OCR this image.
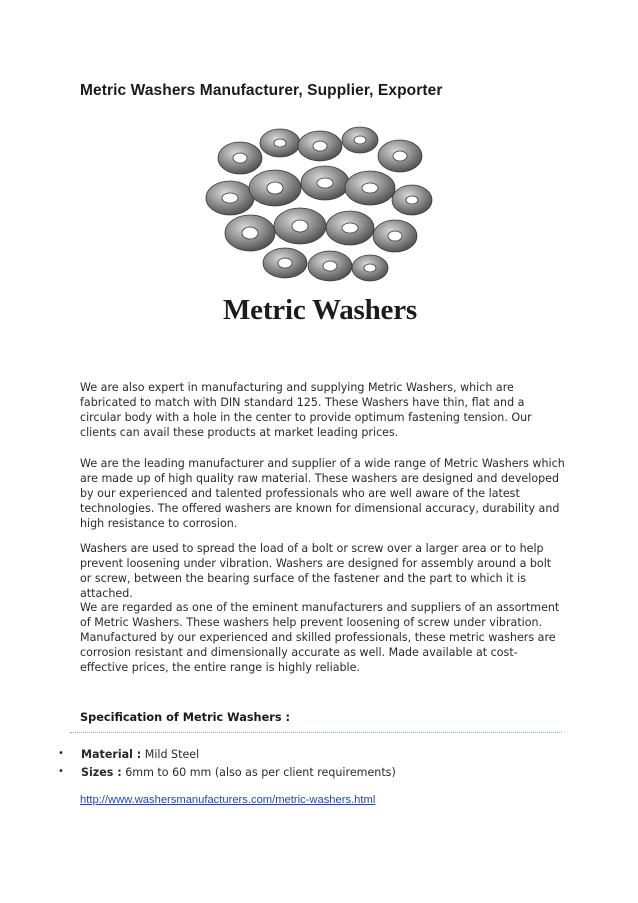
Metric Washers Manufacturer, Supplier, Exporter
Metric Washers

We are also expert in manufacturing and supplying Metric Washers, which are fabricated to match with DIN standard 125. These Washers have thin, flat and a circular body with a hole in the center to provide optimum fastening tension. Our clients can avail these products at market leading prices.

We are the leading manufacturer and supplier of a wide range of Metric Washers which are made up of high quality raw material. These washers are designed and developed by our experienced and talented professionals who are well aware of the latest technologies. The offered washers are known for dimensional accuracy, durability and high resistance to corrosion.

Washers are used to spread the load of a bolt or screw over a larger area or to help prevent loosening under vibration. Washers are designed for assembly around a bolt or screw, between the bearing surface of the fastener and the part to which it is attached.

We are regarded as one of the eminent manufacturers and suppliers of an assortment of Metric Washers. These washers help prevent loosening of screw under vibration. Manufactured by our experienced and skilled professionals, these metric washers are corrosion resistant and dimensionally accurate as well. Made available at cost-effective prices, the entire range is highly reliable.

Specification of Metric Washers :
• Material : Mild Steel
• Sizes : 6mm to 60 mm (also as per client requirements)
http://www.washersmanufacturers.com/metric-washers.html
